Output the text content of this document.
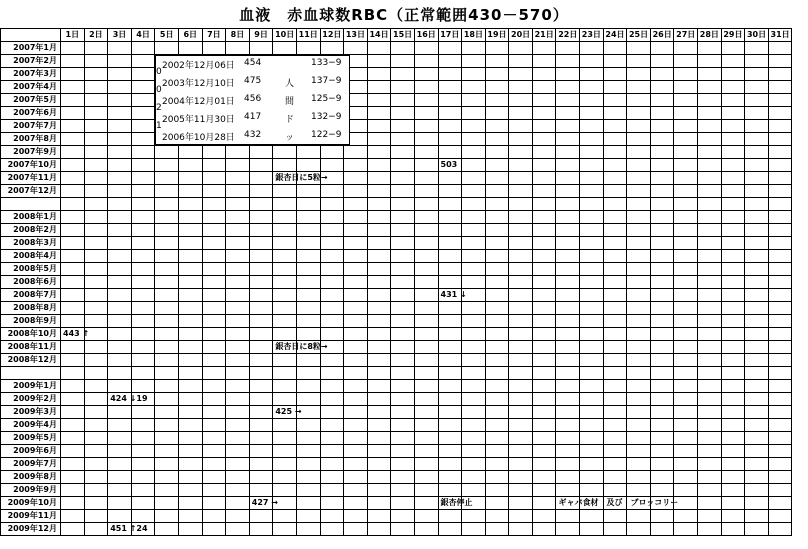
血液　赤血球数RBC（正常範囲430－570）
	1日	2日	3日	4日	5日	6日	7日	8日	9日	10日	11日	12日	13日	14日	15日	16日	17日	18日	19日	20日	21日	22日	23日	24日	25日	26日	27日	28日	29日	30日	31日
2007年1月																															
2007年2月																															
2007年3月																															
2007年4月																															
2007年5月																															
2007年6月																															
2007年7月																															
2007年8月																															
2007年9月																															
2007年10月																	503														

2007年11月										銀杏日に5粒→																					

2007年12月																															

2008年1月																															
2008年2月																															
2008年3月																															
2008年4月																															
2008年5月																															
2008年6月																															
2008年7月																	431 ↓														

2008年8月																															
2008年9月																															
2008年10月	443 ↑																														

2008年11月										銀杏日に8粒→																					

2008年12月																															

2009年1月																															
2009年2月			424 ↓19																												

2009年3月										425 →																					

2009年4月																															
2009年5月																															
2009年6月																															
2009年7月																															
2009年8月																															
2009年9月																															
2009年10月									427 →								銀杏停止					ギャバ食材　及び　ブロッコリー									

2009年11月																															
2009年12月			451 ↑24																												

2002年12月06日 454	133−9
0
2003年12月10日 475	人 137−9
0
2004年12月01日 456	間 125−9
2
2005年11月30日 417	ド 132−9
1
2006年10月28日 432	ッ 122−9
